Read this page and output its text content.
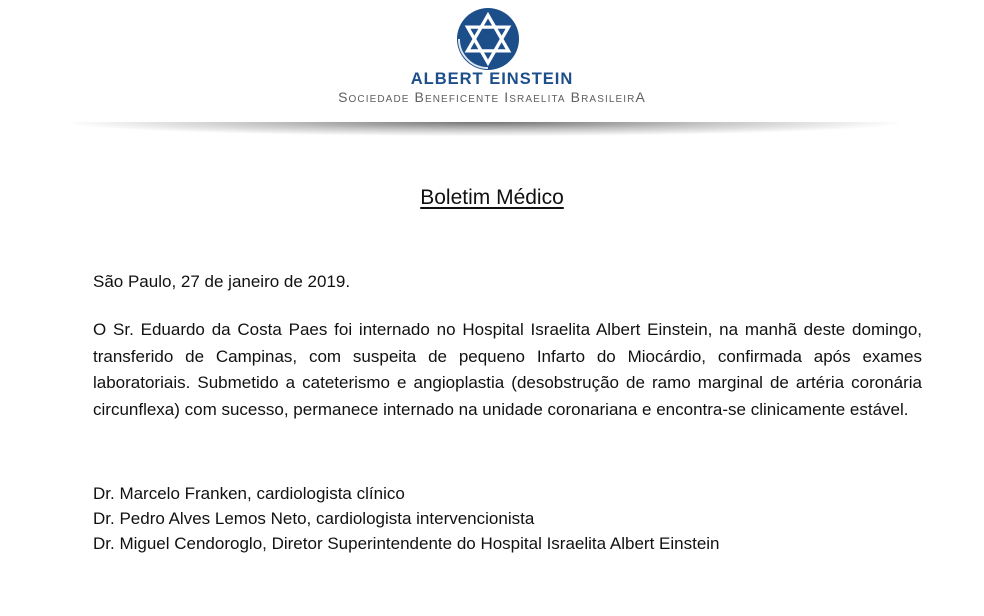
ALBERT EINSTEIN
Sociedade Beneficente Israelita BrasileirA
Boletim Médico
São Paulo, 27 de janeiro de 2019.
O Sr. Eduardo da Costa Paes foi internado no Hospital Israelita Albert Einstein, na manhã deste domingo, transferido de Campinas, com suspeita de pequeno Infarto do Miocárdio, confirmada após exames laboratoriais. Submetido a cateterismo e angioplastia (desobstrução de ramo marginal de artéria coronária circunflexa) com sucesso, permanece internado na unidade coronariana e encontra-se clinicamente estável.
Dr. Marcelo Franken, cardiologista clínico
Dr. Pedro Alves Lemos Neto, cardiologista intervencionista
Dr. Miguel Cendoroglo, Diretor Superintendente do Hospital Israelita Albert Einstein
